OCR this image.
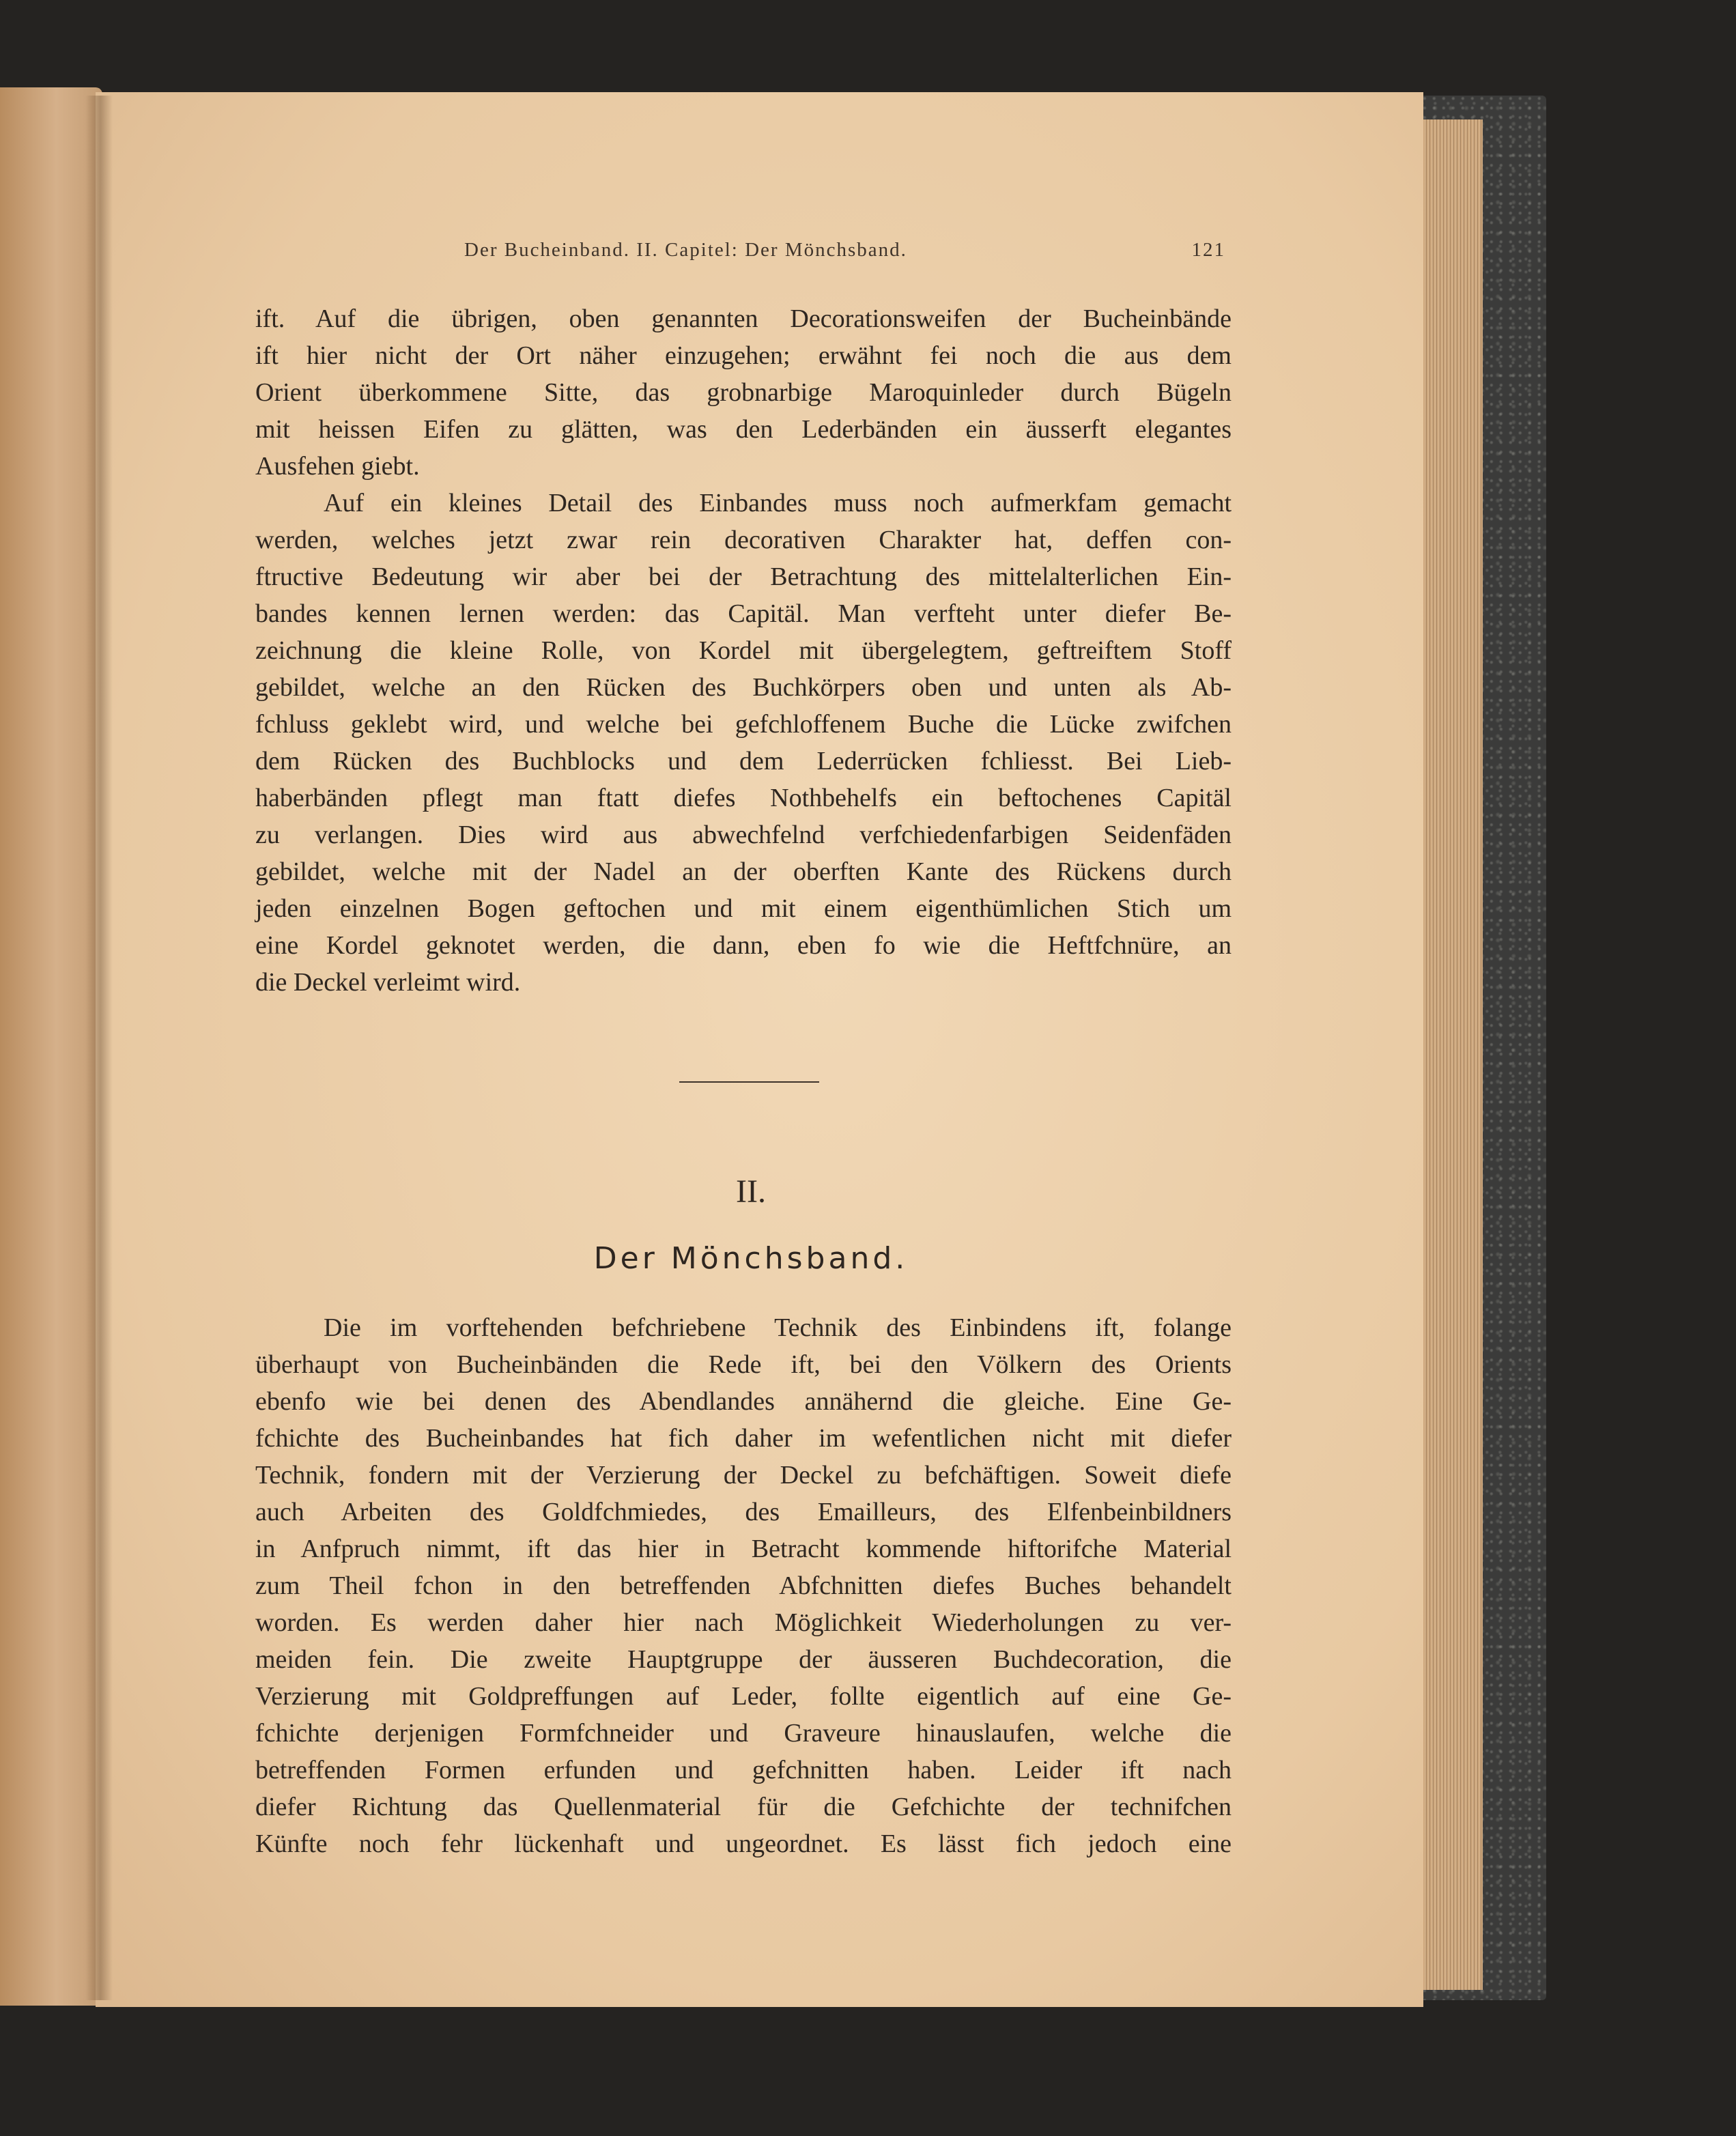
Der Bucheinband. II. Capitel: Der Mönchsband.	121
ift. Auf die übrigen, oben genannten Decorationsweifen der Bucheinbände
ift hier nicht der Ort näher einzugehen; erwähnt fei noch die aus dem
Orient überkommene Sitte, das grobnarbige Maroquinleder durch Bügeln
mit heissen Eifen zu glätten, was den Lederbänden ein äusserft elegantes
Ausfehen giebt.
Auf ein kleines Detail des Einbandes muss noch aufmerkfam gemacht
werden, welches jetzt zwar rein decorativen Charakter hat, deffen con-
ftructive Bedeutung wir aber bei der Betrachtung des mittelalterlichen Ein-
bandes kennen lernen werden: das Capitäl. Man verfteht unter diefer Be-
zeichnung die kleine Rolle, von Kordel mit übergelegtem, geftreiftem Stoff
gebildet, welche an den Rücken des Buchkörpers oben und unten als Ab-
fchluss geklebt wird, und welche bei gefchloffenem Buche die Lücke zwifchen
dem Rücken des Buchblocks und dem Lederrücken fchliesst. Bei Lieb-
haberbänden pflegt man ftatt diefes Nothbehelfs ein beftochenes Capitäl
zu verlangen. Dies wird aus abwechfelnd verfchiedenfarbigen Seidenfäden
gebildet, welche mit der Nadel an der oberften Kante des Rückens durch
jeden einzelnen Bogen geftochen und mit einem eigenthümlichen Stich um
eine Kordel geknotet werden, die dann, eben fo wie die Heftfchnüre, an
die Deckel verleimt wird.
II.
Der Mönchsband.
Die im vorftehenden befchriebene Technik des Einbindens ift, folange
überhaupt von Bucheinbänden die Rede ift, bei den Völkern des Orients
ebenfo wie bei denen des Abendlandes annähernd die gleiche. Eine Ge-
fchichte des Bucheinbandes hat fich daher im wefentlichen nicht mit diefer
Technik, fondern mit der Verzierung der Deckel zu befchäftigen. Soweit diefe
auch Arbeiten des Goldfchmiedes, des Emailleurs, des Elfenbeinbildners
in Anfpruch nimmt, ift das hier in Betracht kommende hiftorifche Material
zum Theil fchon in den betreffenden Abfchnitten diefes Buches behandelt
worden. Es werden daher hier nach Möglichkeit Wiederholungen zu ver-
meiden fein. Die zweite Hauptgruppe der äusseren Buchdecoration, die
Verzierung mit Goldpreffungen auf Leder, follte eigentlich auf eine Ge-
fchichte derjenigen Formfchneider und Graveure hinauslaufen, welche die
betreffenden Formen erfunden und gefchnitten haben. Leider ift nach
diefer Richtung das Quellenmaterial für die Gefchichte der technifchen
Künfte noch fehr lückenhaft und ungeordnet. Es lässt fich jedoch eine
